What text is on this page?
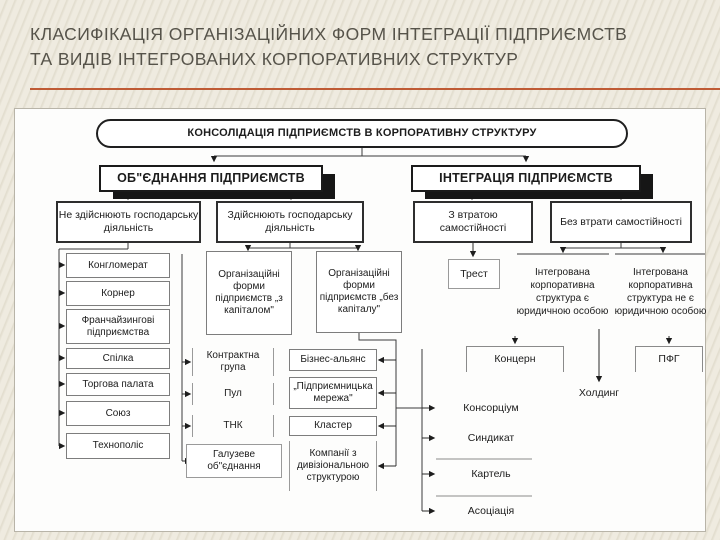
КЛАСИФІКАЦІЯ ОРГАНІЗАЦІЙНИХ ФОРМ ІНТЕГРАЦІЇ ПІДПРИЄМСТВ ТА ВИДІВ ІНТЕГРОВАНИХ КОРПОРАТИВНИХ СТРУКТУР
КОНСОЛІДАЦІЯ ПІДПРИЄМСТВ В КОРПОРАТИВНУ СТРУКТУРУ
ОБ"ЄДНАННЯ ПІДПРИЄМСТВ	ІНТЕГРАЦІЯ ПІДПРИЄМСТВ
Не здійснюють господарську діяльність
Здійснюють господарську діяльність
З втратою самостійності
Без втрати самостійності
Конгломерат
Корнер
Франчайзингові підприємства
Спілка
Торгова палата
Союз
Технополіс
Організаційні форми підприємств „з капіталом"
Організаційні форми підприємств „без капіталу"
Контрактна група
Пул
ТНК
Галузеве об"єднання
Бізнес-альянс
„Підприємницька мережа"
Кластер
Компанії з дивізіональною структурою
Трест	Інтегрована корпоративна структура є юридичною особою
Інтегрована корпоративна структура не є юридичною особою
Концерн	ПФГ
Холдинг
Консорціум
Синдикат
Картель
Асоціація
